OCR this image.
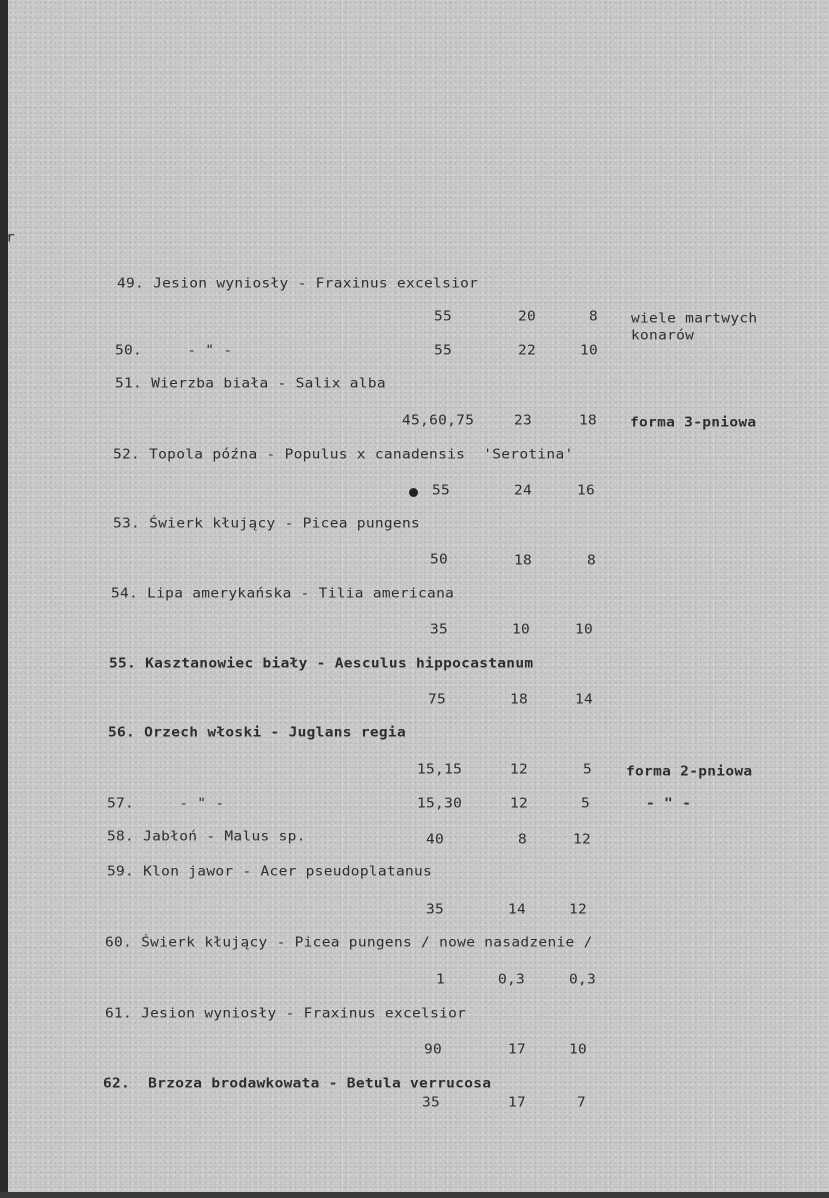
r
49. Jesion wyniosły - Fraxinus excelsior
55	20	8 wiele martwych
konarów
50.     - " -	55	22	10
51. Wierzba biała - Salix alba
45,60,75	23	18 forma 3-pniowa
52. Topola późna - Populus x canadensis  'Serotina'
55	24	16
53. Świerk kłujący - Picea pungens
50	18	8
54. Lipa amerykańska - Tilia americana
35	10	10
55. Kasztanowiec biały - Aesculus hippocastanum
75	18	14
56. Orzech włoski - Juglans regia
15,15	12	5 forma 2-pniowa
57.     - " -	15,30	12	5	- " -
58. Jabłoń - Malus sp.	40	8	12
59. Klon jawor - Acer pseudoplatanus
35	14	12
60. Świerk kłujący - Picea pungens / nowe nasadzenie /
1	0,3	0,3
61. Jesion wyniosły - Fraxinus excelsior
90	17	10
62.  Brzoza brodawkowata - Betula verrucosa
35	17	7
